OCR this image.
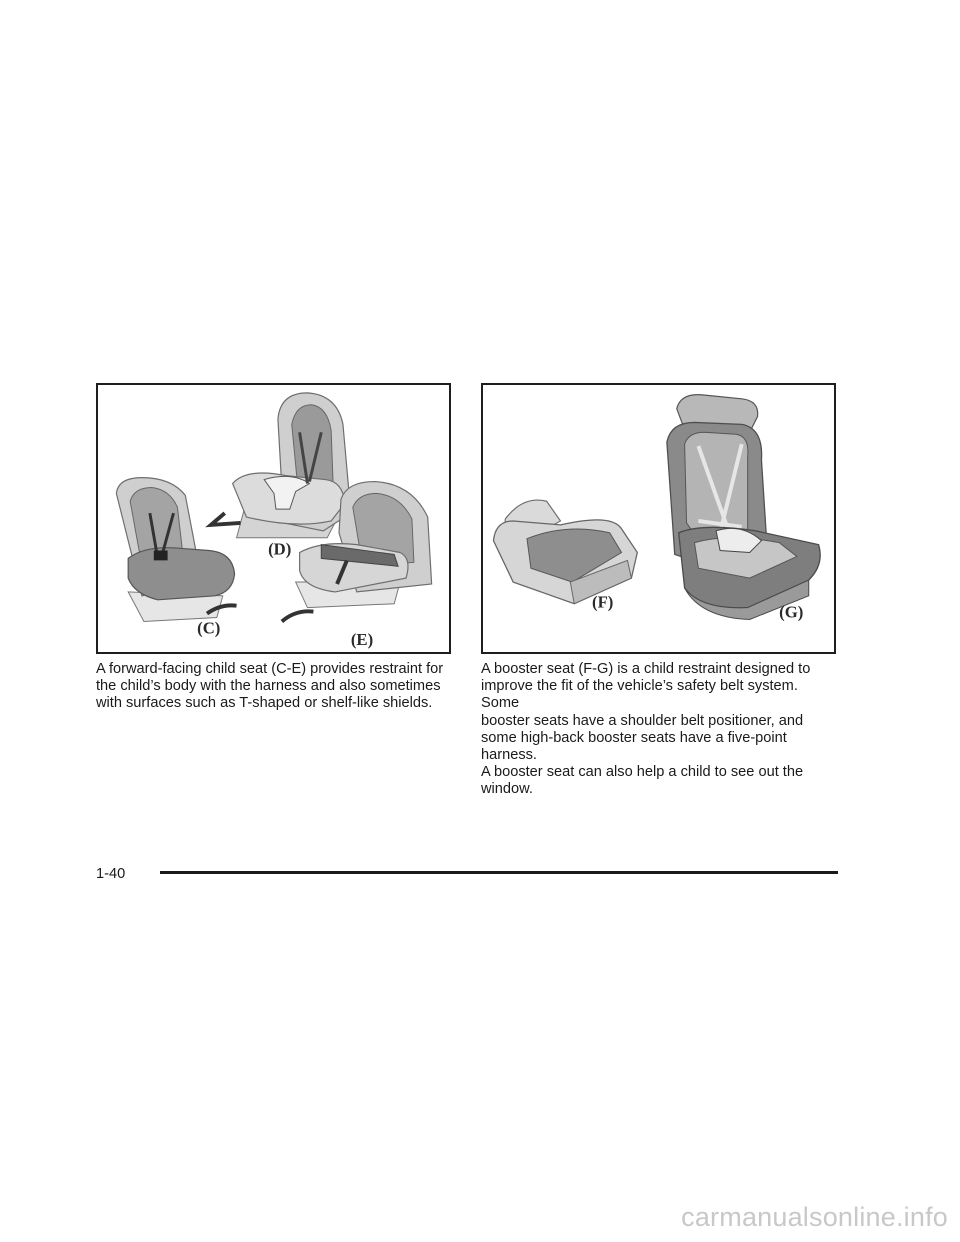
(D)
(C)
(E)
(F)
(G)

A forward-facing child seat (C-E) provides restraint for
the child’s body with the harness and also sometimes
with surfaces such as T-shaped or shelf-like shields.

A booster seat (F-G) is a child restraint designed to
improve the fit of the vehicle’s safety belt system. Some
booster seats have a shoulder belt positioner, and
some high-back booster seats have a five-point harness.
A booster seat can also help a child to see out the
window.

1-40
carmanualsonline.info
